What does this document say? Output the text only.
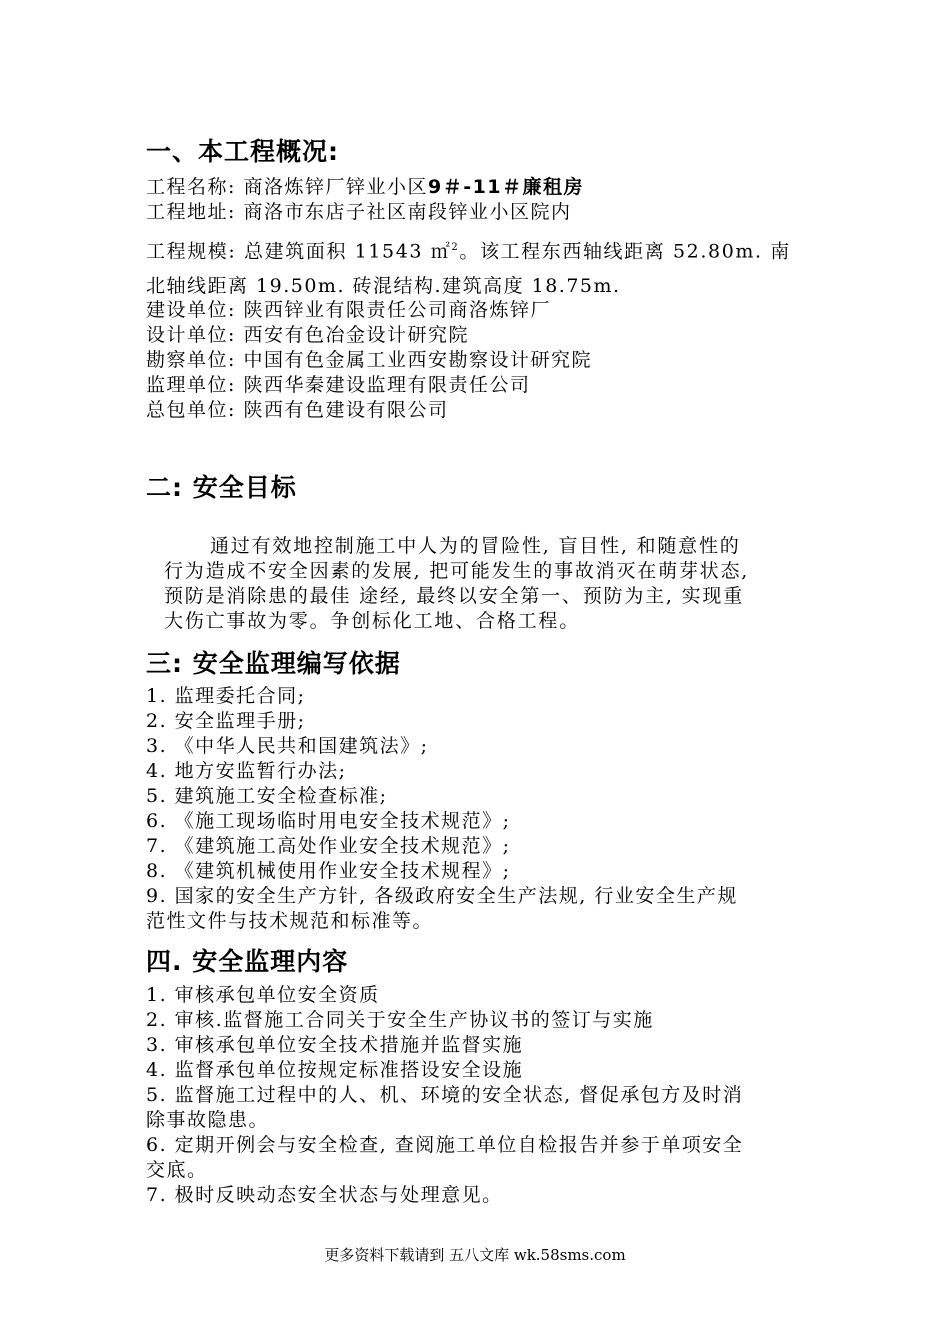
一、本工程概况:
工程名称: 商洛炼锌厂锌业小区9＃-11＃廉租房
工程地址: 商洛市东店子社区南段锌业小区院内
工程规模: 总建筑面积 11543 ㎡$^2$。该工程东西轴线距离 52.80m. 南
北轴线距离 19.50m. 砖混结构.建筑高度 18.75m.
建设单位: 陕西锌业有限责任公司商洛炼锌厂
设计单位: 西安有色冶金设计研究院
勘察单位: 中国有色金属工业西安勘察设计研究院
监理单位: 陕西华秦建设监理有限责任公司
总包单位: 陕西有色建设有限公司
二: 安全目标
通过有效地控制施工中人为的冒险性, 盲目性, 和随意性的
行为造成不安全因素的发展, 把可能发生的事故消灭在萌芽状态,
预防是消除患的最佳 途经, 最终以安全第一、预防为主, 实现重
大伤亡事故为零。争创标化工地、合格工程。
三: 安全监理编写依据
1. 监理委托合同;
2. 安全监理手册;
3. 《中华人民共和国建筑法》;
4. 地方安监暂行办法;
5. 建筑施工安全检查标准;
6. 《施工现场临时用电安全技术规范》;
7. 《建筑施工高处作业安全技术规范》;
8. 《建筑机械使用作业安全技术规程》;
9. 国家的安全生产方针, 各级政府安全生产法规, 行业安全生产规
范性文件与技术规范和标准等。
四. 安全监理内容
1. 审核承包单位安全资质
2. 审核.监督施工合同关于安全生产协议书的签订与实施
3. 审核承包单位安全技术措施并监督实施
4. 监督承包单位按规定标准搭设安全设施
5. 监督施工过程中的人、机、环境的安全状态, 督促承包方及时消
除事故隐患。
6. 定期开例会与安全检查, 查阅施工单位自检报告并参于单项安全
交底。
7. 极时反映动态安全状态与处理意见。
更多资料下载请到 五八文库 wk.58sms.com
